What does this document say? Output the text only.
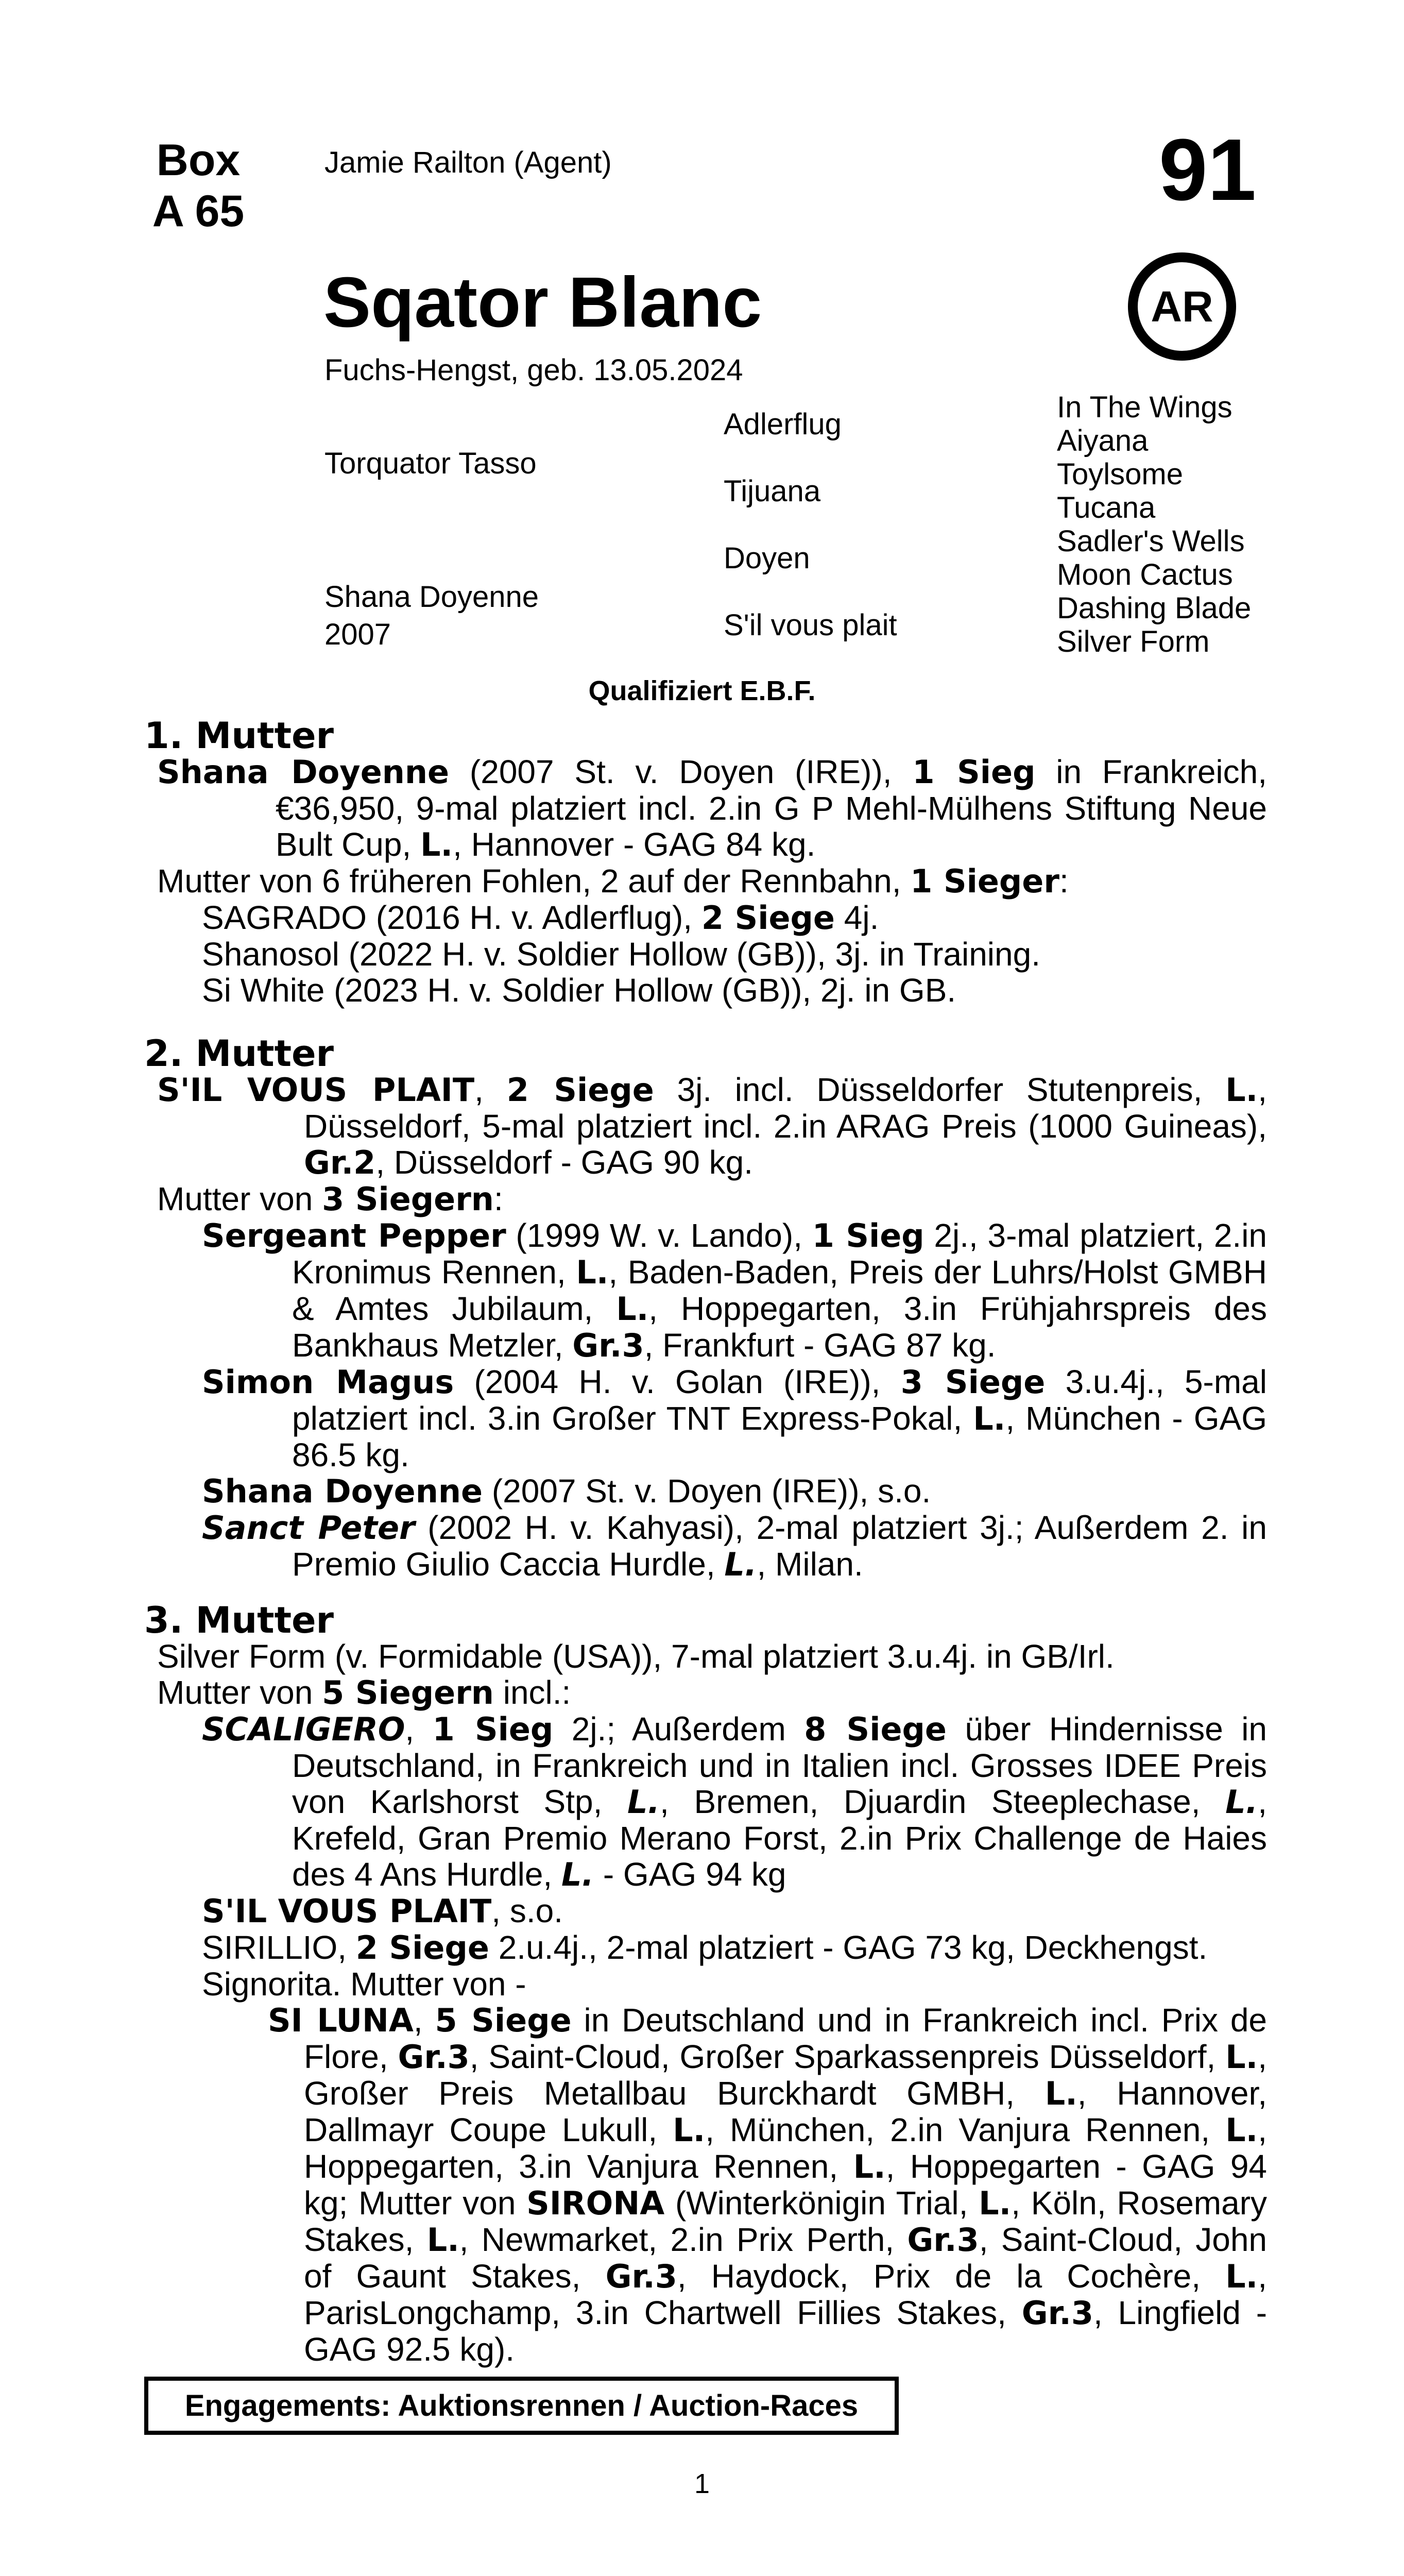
Box
A 65
Jamie Railton (Agent)	91
AR
Sqator Blanc
Fuchs-Hengst, geb. 13.05.2024
Torquator Tasso
Shana Doyenne
2007
Adlerflug
Tijuana
Doyen
S'il vous plait
In The Wings
Aiyana
Toylsome
Tucana
Sadler's Wells
Moon Cactus
Dashing Blade
Silver Form
Qualifiziert E.B.F.
1. Mutter
Shana Doyenne (2007 St. v. Doyen (IRE)), 1 Sieg in Frankreich, €36,950, 9-mal platziert incl. 2.in G P Mehl-Mülhens Stiftung Neue Bult Cup, L., Hannover - GAG 84 kg.
Mutter von 6 früheren Fohlen, 2 auf der Rennbahn, 1 Sieger:
SAGRADO (2016 H. v. Adlerflug), 2 Siege 4j.
Shanosol (2022 H. v. Soldier Hollow (GB)), 3j. in Training.
Si White (2023 H. v. Soldier Hollow (GB)), 2j. in GB.
2. Mutter
S'IL VOUS PLAIT, 2 Siege 3j. incl. Düsseldorfer Stutenpreis, L., Düsseldorf, 5-mal platziert incl. 2.in ARAG Preis (1000 Guineas), Gr.2, Düsseldorf - GAG 90 kg.
Mutter von 3 Siegern:
Sergeant Pepper (1999 W. v. Lando), 1 Sieg 2j., 3-mal platziert, 2.in Kronimus Rennen, L., Baden-Baden, Preis der Luhrs/Holst GMBH & Amtes Jubilaum, L., Hoppegarten, 3.in Frühjahrspreis des Bankhaus Metzler, Gr.3, Frankfurt - GAG 87 kg.
Simon Magus (2004 H. v. Golan (IRE)), 3 Siege 3.u.4j., 5-mal platziert incl. 3.in Großer TNT Express-Pokal, L., München - GAG 86.5 kg.
Shana Doyenne (2007 St. v. Doyen (IRE)), s.o.
Sanct Peter (2002 H. v. Kahyasi), 2-mal platziert 3j.; Außerdem 2. in Premio Giulio Caccia Hurdle, L., Milan.
3. Mutter
Silver Form (v. Formidable (USA)), 7-mal platziert 3.u.4j. in GB/Irl.
Mutter von 5 Siegern incl.:
SCALIGERO, 1 Sieg 2j.; Außerdem 8 Siege über Hindernisse in Deutschland, in Frankreich und in Italien incl. Grosses IDEE Preis von Karlshorst Stp, L., Bremen, Djuardin Steeplechase, L., Krefeld, Gran Premio Merano Forst, 2.in Prix Challenge de Haies des 4 Ans Hurdle, L. - GAG 94 kg
S'IL VOUS PLAIT, s.o.
SIRILLIO, 2 Siege 2.u.4j., 2-mal platziert - GAG 73 kg, Deckhengst.
Signorita. Mutter von -
SI LUNA, 5 Siege in Deutschland und in Frankreich incl. Prix de Flore, Gr.3, Saint-Cloud, Großer Sparkassenpreis Düsseldorf, L., Großer Preis Metallbau Burckhardt GMBH, L., Hannover, Dallmayr Coupe Lukull, L., München, 2.in Vanjura Rennen, L., Hoppegarten, 3.in Vanjura Rennen, L., Hoppegarten - GAG 94 kg; Mutter von SIRONA (Winterkönigin Trial, L., Köln, Rosemary Stakes, L., Newmarket, 2.in Prix Perth, Gr.3, Saint-Cloud, John of Gaunt Stakes, Gr.3, Haydock, Prix de la Cochère, L., ParisLongchamp, 3.in Chartwell Fillies Stakes, Gr.3, Lingfield - GAG 92.5 kg).
Engagements: Auktionsrennen / Auction-Races
1
